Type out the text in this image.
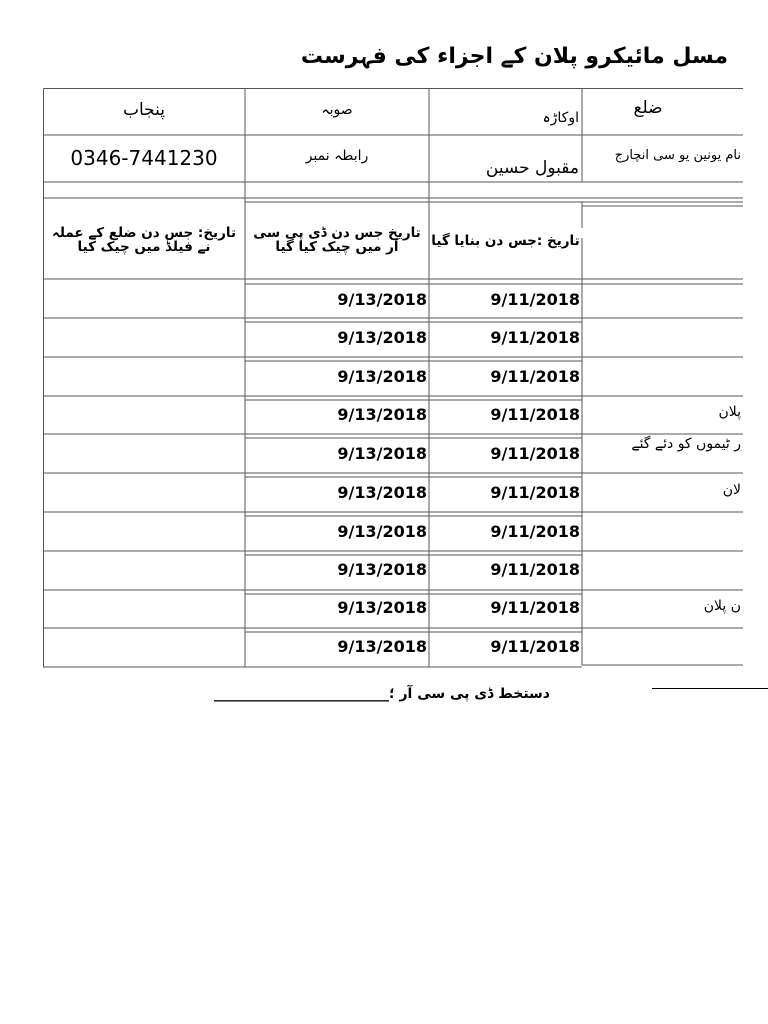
مسل مائیکرو پلان کے اجزاء کی فہرست
ضلع
اوکاڑہ
صوبہ
پنجاب
نام یونین یو سی انچارج
مقبول حسین
رابطہ نمبر
0346-7441230
تاریخ :جس دن بنایا گیا
تاریخ جس دن ڈی پی سی
آر میں چیک کیا گیا
تاریخ: جس دن ضلع کے عملہ
نے فیلڈ میں چیک کیا
9/11/2018
9/13/2018
9/11/2018
9/13/2018
9/11/2018
9/13/2018
پلان
9/11/2018
9/13/2018
ر ٹیموں کو دئے گئے
9/11/2018
9/13/2018
لان
9/11/2018
9/13/2018
9/11/2018
9/13/2018
9/11/2018
9/13/2018
ن پلان
9/11/2018
9/13/2018
9/11/2018
9/13/2018
دستخط ڈی پی سی آر ؛_________________________
